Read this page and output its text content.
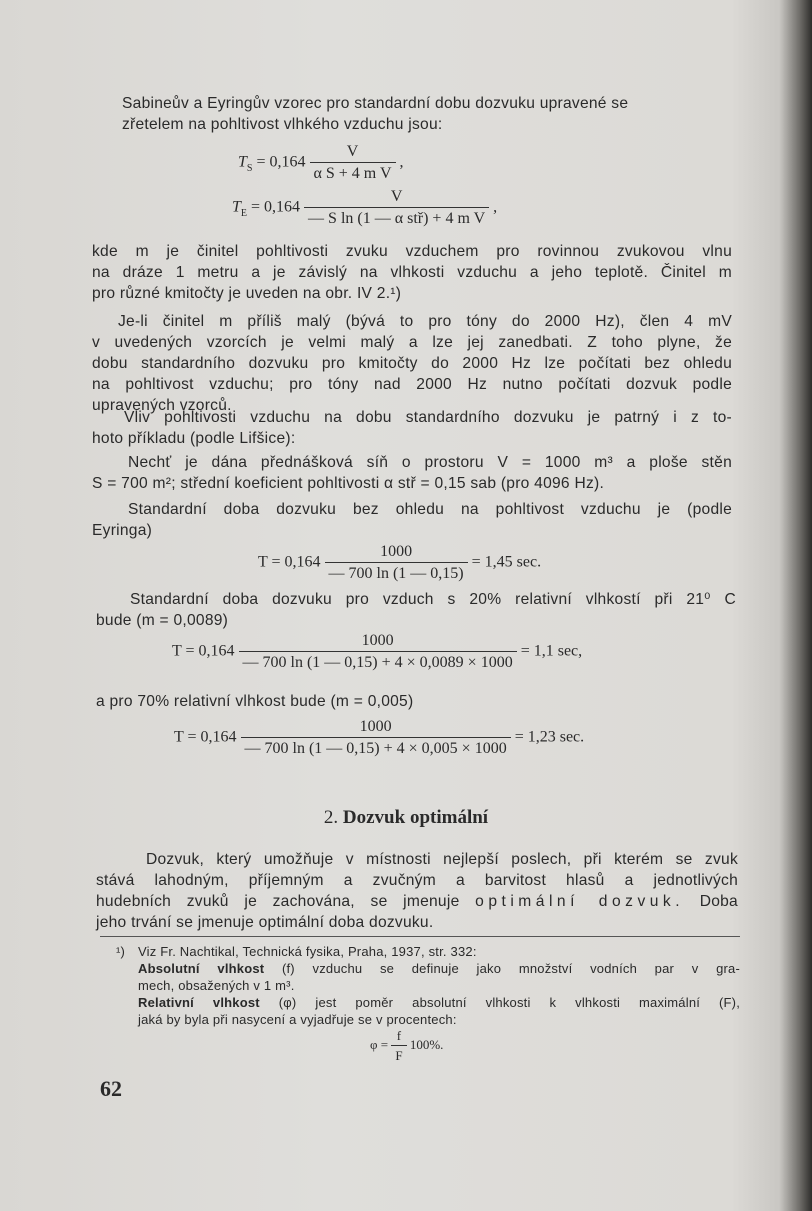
Sabineův a Eyringův vzorec pro standardní dobu dozvuku upravené se
zřetelem na pohltivost vlhkého vzduchu jsou:
$T_S = 0,164 \frac{V}{\text{α S + 4 m V}}$ ,
$T_E = 0,164 \frac{V}{\text{— S ln (1 — α stř) + 4 m V}}$ ,
kde m je činitel pohltivosti zvuku vzduchem pro rovinnou zvukovou vlnu
na dráze 1 metru a je závislý na vlhkosti vzduchu a jeho teplotě. Činitel m
pro různé kmitočty je uveden na obr. IV 2.¹)
Je-li činitel m příliš malý (bývá to pro tóny do 2000 Hz), člen 4 mV
v uvedených vzorcích je velmi malý a lze jej zanedbati. Z toho plyne, že
dobu standardního dozvuku pro kmitočty do 2000 Hz lze počítati bez ohledu
na pohltivost vzduchu; pro tóny nad 2000 Hz nutno počítati dozvuk podle
upravených vzorců.
Vliv pohltivosti vzduchu na dobu standardního dozvuku je patrný i z to-
hoto příkladu (podle Lifšice):
Nechť je dána přednášková síň o prostoru V = 1000 m³ a ploše stěn
S = 700 m²; střední koeficient pohltivosti α stř = 0,15 sab (pro 4096 Hz).
Standardní doba dozvuku bez ohledu na pohltivost vzduchu je (podle
Eyringa)
$T = 0,164 \frac{1000}{— 700 \ln (1 — 0,15)} = 1,45$ sec.
Standardní doba dozvuku pro vzduch s 20% relativní vlhkostí při 21⁰ C
bude (m = 0,0089)
$T = 0,164 \frac{1000}{— 700 \ln (1 — 0,15) + 4 \times 0,0089 \times 1000} = 1,1$ sec,
a pro 70% relativní vlhkost bude (m = 0,005)
$T = 0,164 \frac{1000}{— 700 \ln (1 — 0,15) + 4 \times 0,005 \times 1000} = 1,23$ sec.
2. Dozvuk optimální
Dozvuk, který umožňuje v místnosti nejlepší poslech, při kterém se zvuk
stává lahodným, příjemným a zvučným a barvitost hlasů a jednotlivých
hudebních zvuků je zachována, se jmenuje optimální dozvuk. Doba
jeho trvání se jmenuje optimální doba dozvuku.
¹) Viz Fr. Nachtikal, Technická fysika, Praha, 1937, str. 332:
Absolutní vlhkost (f) vzduchu se definuje jako množství vodních par v gra-
mech, obsažených v 1 m³.
Relativní vlhkost (φ) jest poměr absolutní vlhkosti k vlhkosti maximální (F),
jaká by byla při nasycení a vyjadřuje se v procentech:
$\varphi = \frac{f}{F} 100\%$.
62
